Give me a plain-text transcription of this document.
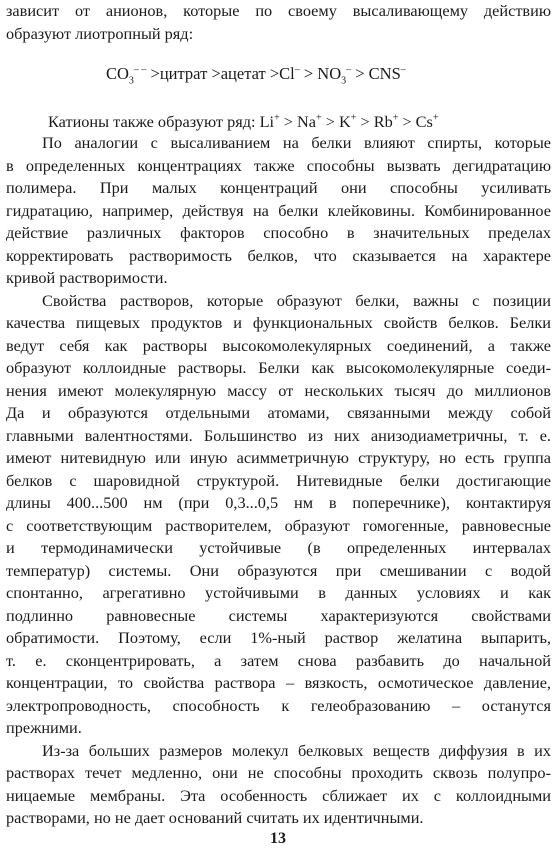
зависит от анионов, которые по своему высаливающему действию
образуют лиотропный ряд:
$CO_3^{- -}$ >цитрат >ацетат $>Cl^- > NO_3^- > CNS^-$
Катионы также образуют ряд: Li+ > Na+ > K+ > Rb+ > Cs+
По аналогии с высаливанием на белки влияют спирты, которые
в определенных концентрациях также способны вызвать дегидратацию
полимера. При малых концентраций они способны усиливать
гидратацию, например, действуя на белки клейковины. Комбинированное
действие различных факторов способно в значительных пределах
корректировать растворимость белков, что сказывается на характере
кривой растворимости.
Свойства растворов, которые образуют белки, важны с позиции
качества пищевых продуктов и функциональных свойств белков. Белки
ведут себя как растворы высокомолекулярных соединений, а также
образуют коллоидные растворы. Белки как высокомолекулярные соеди-
нения имеют молекулярную массу от нескольких тысяч до миллионов
Да и образуются отдельными атомами, связанными между собой
главными валентностями. Большинство из них анизодиаметричны, т. е.
имеют нитевидную или иную асимметричную структуру, но есть группа
белков с шаровидной структурой. Нитевидные белки достигающие
длины 400...500 нм (при 0,3...0,5 нм в поперечнике), контактируя
с соответствующим растворителем, образуют гомогенные, равновесные
и термодинамически устойчивые (в определенных интервалах
температур) системы. Они образуются при смешивании с водой
спонтанно, агрегативно устойчивыми в данных условиях и как
подлинно равновесные системы характеризуются свойствами
обратимости. Поэтому, если 1%-ный раствор желатина выпарить,
т. е. сконцентрировать, а затем снова разбавить до начальной
концентрации, то свойства раствора – вязкость, осмотическое давление,
электропроводность, способность к гелеобразованию – останутся
прежними.
Из-за больших размеров молекул белковых веществ диффузия в их
растворах течет медленно, они не способны проходить сквозь полупро-
ницаемые мембраны. Эта особенность сближает их с коллоидными
растворами, но не дает оснований считать их идентичными.
13
